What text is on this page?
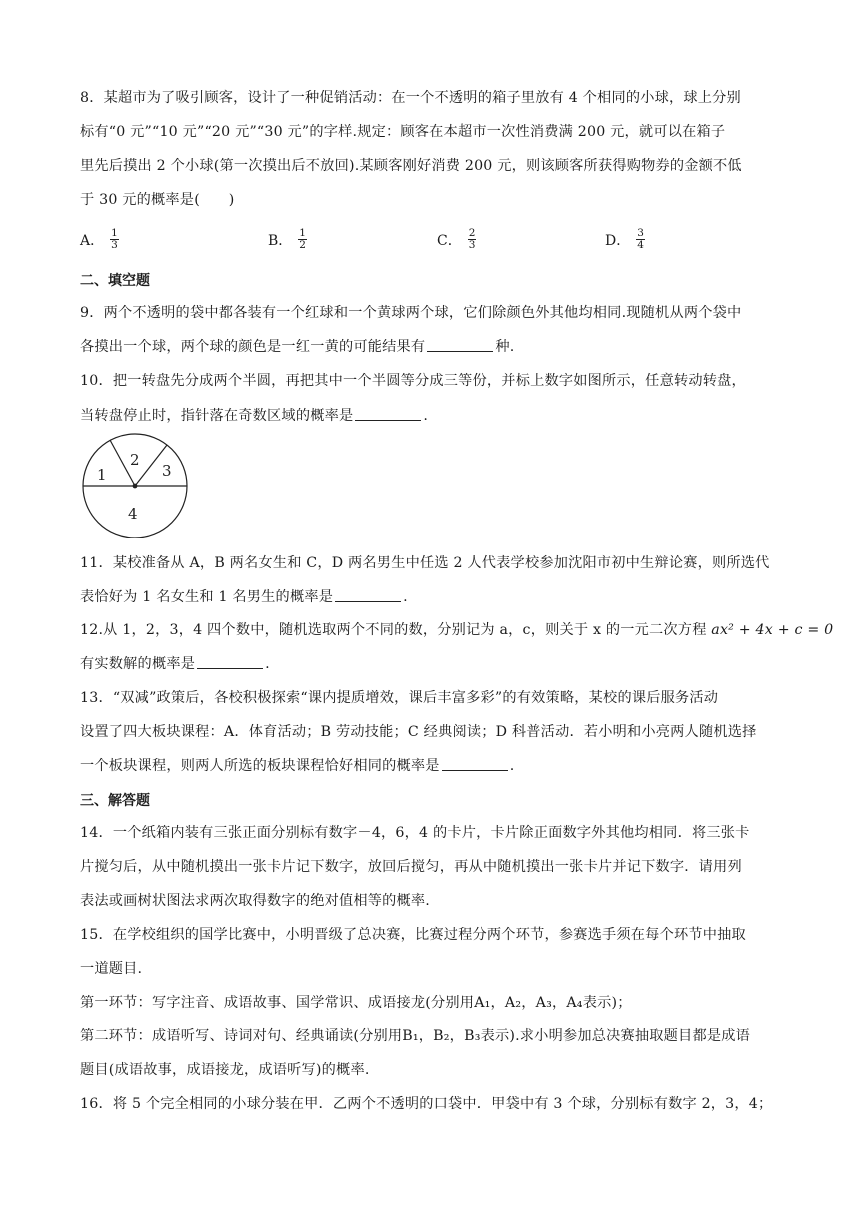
8．某超市为了吸引顾客，设计了一种促销活动：在一个不透明的箱子里放有 4 个相同的小球，球上分别
标有“0 元”“10 元”“20 元”“30 元”的字样.规定：顾客在本超市一次性消费满 200 元，就可以在箱子
里先后摸出 2 个小球(第一次摸出后不放回).某顾客刚好消费 200 元，则该顾客所获得购物券的金额不低
于 30 元的概率是(　　)
A． $\frac{1}{3}$	B． $\frac{1}{2}$	C． $\frac{2}{3}$	D． $\frac{3}{4}$
二、填空题
9．两个不透明的袋中都各装有一个红球和一个黄球两个球，它们除颜色外其他均相同.现随机从两个袋中
各摸出一个球，两个球的颜色是一红一黄的可能结果有	种.
10．把一转盘先分成两个半圆，再把其中一个半圆等分成三等份，并标上数字如图所示，任意转动转盘，
当转盘停止时，指针落在奇数区域的概率是	.
1
2
3
4
11．某校准备从 A，B 两名女生和 C，D 两名男生中任选 2 人代表学校参加沈阳市初中生辩论赛，则所选代
表恰好为 1 名女生和 1 名男生的概率是	.
12.从 1，2，3，4 四个数中，随机选取两个不同的数，分别记为 a，c，则关于 x 的一元二次方程 ax² + 4x + c = 0
有实数解的概率是	.
13．“双减”政策后，各校积极探索“课内提质增效，课后丰富多彩”的有效策略，某校的课后服务活动
设置了四大板块课程：A．体育活动；B 劳动技能；C 经典阅读；D 科普活动．若小明和小亮两人随机选择
一个板块课程，则两人所选的板块课程恰好相同的概率是	.
三、解答题
14．一个纸箱内装有三张正面分别标有数字－4，6，4 的卡片，卡片除正面数字外其他均相同．将三张卡
片搅匀后，从中随机摸出一张卡片记下数字，放回后搅匀，再从中随机摸出一张卡片并记下数字．请用列
表法或画树状图法求两次取得数字的绝对值相等的概率.
15．在学校组织的国学比赛中，小明晋级了总决赛，比赛过程分两个环节，参赛选手须在每个环节中抽取
一道题目.
第一环节：写字注音、成语故事、国学常识、成语接龙(分别用A₁，A₂，A₃，A₄表示)；
第二环节：成语听写、诗词对句、经典诵读(分别用B₁，B₂，B₃表示).求小明参加总决赛抽取题目都是成语
题目(成语故事，成语接龙，成语听写)的概率.
16．将 5 个完全相同的小球分装在甲．乙两个不透明的口袋中．甲袋中有 3 个球，分别标有数字 2，3，4；
